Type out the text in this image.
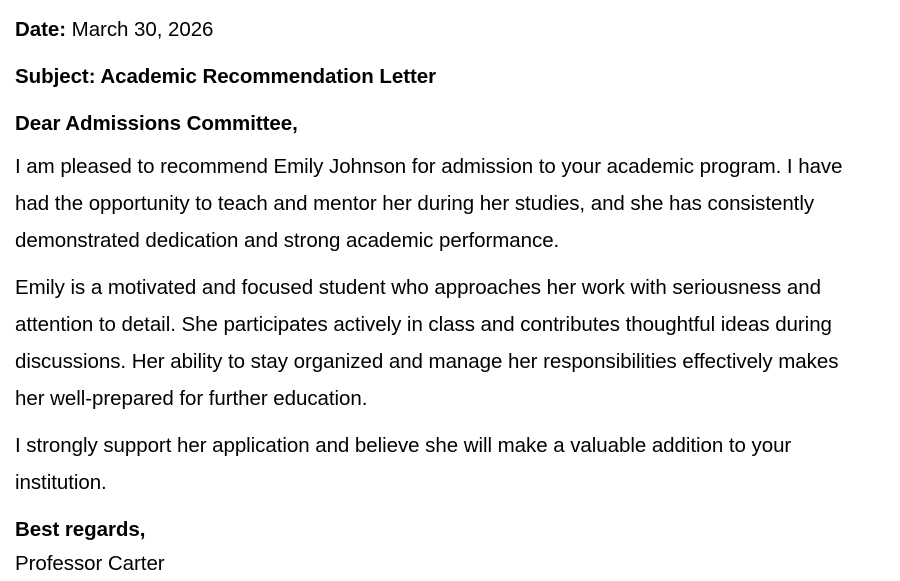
Date: March 30, 2026
Subject: Academic Recommendation Letter
Dear Admissions Committee,

I am pleased to recommend Emily Johnson for admission to your academic program. I have had the opportunity to teach and mentor her during her studies, and she has consistently demonstrated dedication and strong academic performance.

Emily is a motivated and focused student who approaches her work with seriousness and attention to detail. She participates actively in class and contributes thoughtful ideas during discussions. Her ability to stay organized and manage her responsibilities effectively makes her well-prepared for further education.

I strongly support her application and believe she will make a valuable addition to your institution.

Best regards,
Professor Carter
